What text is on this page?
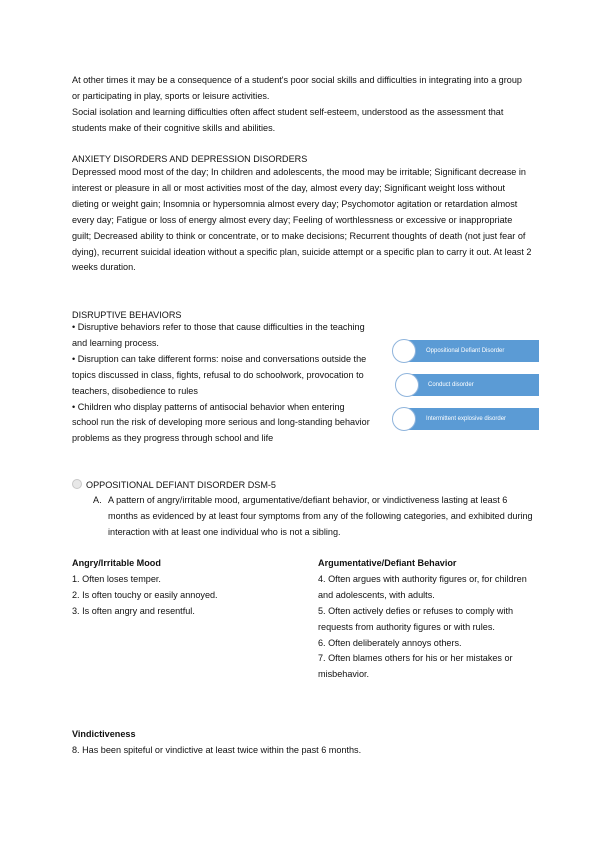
At other times it may be a consequence of a student's poor social skills and difficulties in integrating into a group or participating in play, sports or leisure activities.

Social isolation and learning difficulties often affect student self-esteem, understood as the assessment that students make of their cognitive skills and abilities.

ANXIETY DISORDERS AND DEPRESSION DISORDERS

Depressed mood most of the day; In children and adolescents, the mood may be irritable; Significant decrease in interest or pleasure in all or most activities most of the day, almost every day; Significant weight loss without dieting or weight gain; Insomnia or hypersomnia almost every day; Psychomotor agitation or retardation almost every day; Fatigue or loss of energy almost every day; Feeling of worthlessness or excessive or inappropriate guilt; Decreased ability to think or concentrate, or to make decisions; Recurrent thoughts of death (not just fear of dying), recurrent suicidal ideation without a specific plan, suicide attempt or a specific plan to carry it out. At least 2 weeks duration.

DISRUPTIVE BEHAVIORS
• Disruptive behaviors refer to those that cause difficulties in the teaching and learning process.
• Disruption can take different forms: noise and conversations outside the topics discussed in class, fights, refusal to do schoolwork, provocation to teachers, disobedience to rules
• Children who display patterns of antisocial behavior when entering school run the risk of developing more serious and long-standing behavior problems as they progress through school and life
Oppositional Defiant Disorder
Conduct disorder
Intermittent explosive disorder
OPPOSITIONAL DEFIANT DISORDER DSM-5
A. A pattern of angry/irritable mood, argumentative/defiant behavior, or vindictiveness lasting at least 6 months as evidenced by at least four symptoms from any of the following categories, and exhibited during interaction with at least one individual who is not a sibling.
Angry/Irritable Mood
1. Often loses temper.
2. Is often touchy or easily annoyed.
3. Is often angry and resentful.
Argumentative/Defiant Behavior
4. Often argues with authority figures or, for children and adolescents, with adults.
5. Often actively defies or refuses to comply with requests from authority figures or with rules.
6. Often deliberately annoys others.
7. Often blames others for his or her mistakes or misbehavior.
Vindictiveness
8. Has been spiteful or vindictive at least twice within the past 6 months.
